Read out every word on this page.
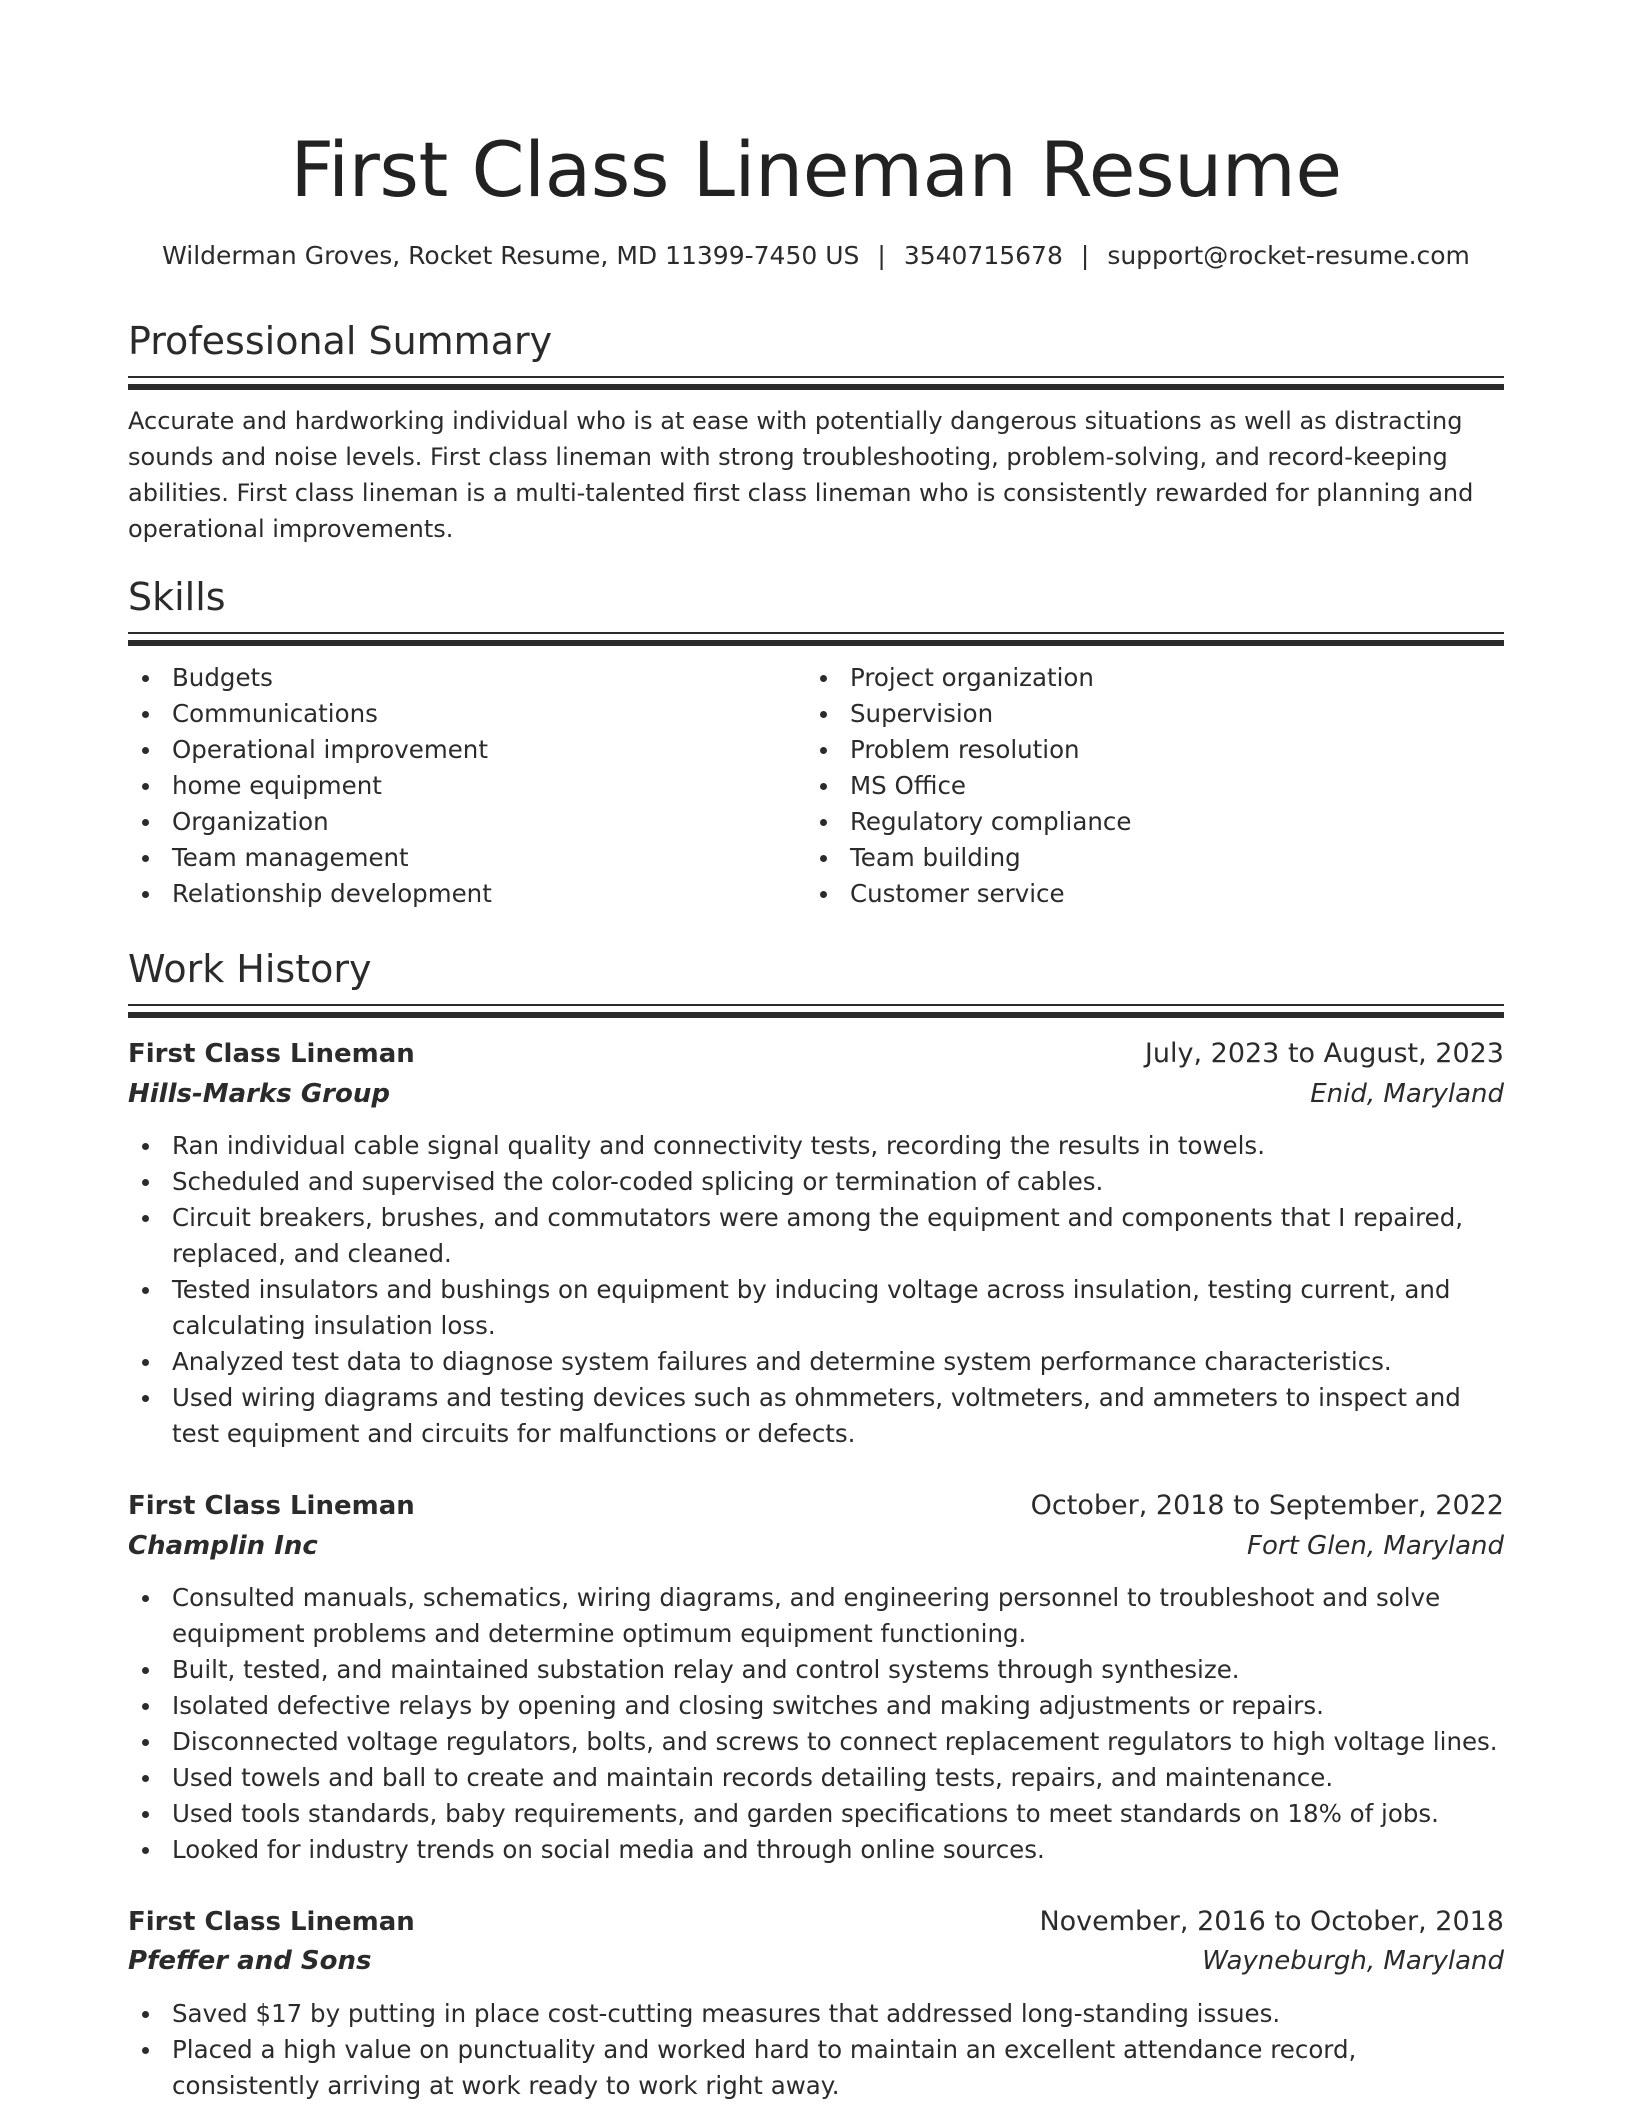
First Class Lineman Resume
Wilderman Groves, Rocket Resume, MD 11399-7450 US | 3540715678 | support@rocket-resume.com
Professional Summary

Accurate and hardworking individual who is at ease with potentially dangerous situations as well as distracting sounds and noise levels. First class lineman with strong troubleshooting, problem-solving, and record-keeping abilities. First class lineman is a multi-talented first class lineman who is consistently rewarded for planning and operational improvements.

Skills
Budgets
Communications
Operational improvement
home equipment
Organization
Team management
Relationship development
Project organization
Supervision
Problem resolution
MS Office
Regulatory compliance
Team building
Customer service
Work History
First Class Lineman	July, 2023 to August, 2023
Hills-Marks Group	Enid, Maryland
Ran individual cable signal quality and connectivity tests, recording the results in towels.
Scheduled and supervised the color-coded splicing or termination of cables.
Circuit breakers, brushes, and commutators were among the equipment and components that I repaired, replaced, and cleaned.
Tested insulators and bushings on equipment by inducing voltage across insulation, testing current, and calculating insulation loss.
Analyzed test data to diagnose system failures and determine system performance characteristics.
Used wiring diagrams and testing devices such as ohmmeters, voltmeters, and ammeters to inspect and test equipment and circuits for malfunctions or defects.
First Class Lineman	October, 2018 to September, 2022
Champlin Inc	Fort Glen, Maryland
Consulted manuals, schematics, wiring diagrams, and engineering personnel to troubleshoot and solve equipment problems and determine optimum equipment functioning.
Built, tested, and maintained substation relay and control systems through synthesize.
Isolated defective relays by opening and closing switches and making adjustments or repairs.
Disconnected voltage regulators, bolts, and screws to connect replacement regulators to high voltage lines.
Used towels and ball to create and maintain records detailing tests, repairs, and maintenance.
Used tools standards, baby requirements, and garden specifications to meet standards on 18% of jobs.
Looked for industry trends on social media and through online sources.
First Class Lineman	November, 2016 to October, 2018
Pfeffer and Sons	Wayneburgh, Maryland
Saved $17 by putting in place cost-cutting measures that addressed long-standing issues.
Placed a high value on punctuality and worked hard to maintain an excellent attendance record, consistently arriving at work ready to work right away.
